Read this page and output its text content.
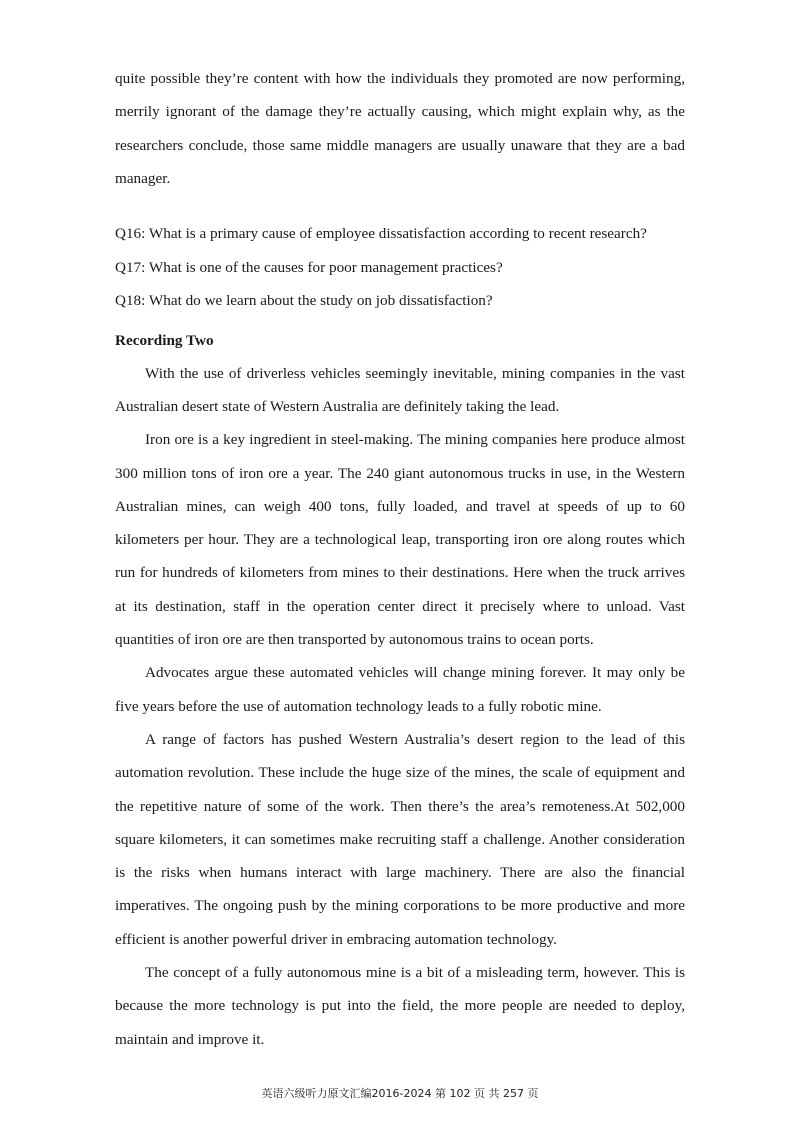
quite possible they’re content with how the individuals they promoted are now performing, merrily ignorant of the damage they’re actually causing, which might explain why, as the researchers conclude, those same middle managers are usually unaware that they are a bad manager.

Q16: What is a primary cause of employee dissatisfaction according to recent research?

Q17: What is one of the causes for poor management practices?

Q18: What do we learn about the study on job dissatisfaction?

Recording Two

With the use of driverless vehicles seemingly inevitable, mining companies in the vast Australian desert state of Western Australia are definitely taking the lead.

Iron ore is a key ingredient in steel-making. The mining companies here produce almost 300 million tons of iron ore a year. The 240 giant autonomous trucks in use, in the Western Australian mines, can weigh 400 tons, fully loaded, and travel at speeds of up to 60 kilometers per hour. They are a technological leap, transporting iron ore along routes which run for hundreds of kilometers from mines to their destinations. Here when the truck arrives at its destination, staff in the operation center direct it precisely where to unload. Vast quantities of iron ore are then transported by autonomous trains to ocean ports.

Advocates argue these automated vehicles will change mining forever. It may only be five years before the use of automation technology leads to a fully robotic mine.

A range of factors has pushed Western Australia’s desert region to the lead of this automation revolution. These include the huge size of the mines, the scale of equipment and the repetitive nature of some of the work. Then there’s the area’s remoteness.At 502,000 square kilometers, it can sometimes make recruiting staff a challenge. Another consideration is the risks when humans interact with large machinery. There are also the financial imperatives. The ongoing push by the mining corporations to be more productive and more efficient is another powerful driver in embracing automation technology.

The concept of a fully autonomous mine is a bit of a misleading term, however. This is because the more technology is put into the field, the more people are needed to deploy, maintain and improve it.

英语六级听力原文汇编2016-2024 第 102 页 共 257 页
